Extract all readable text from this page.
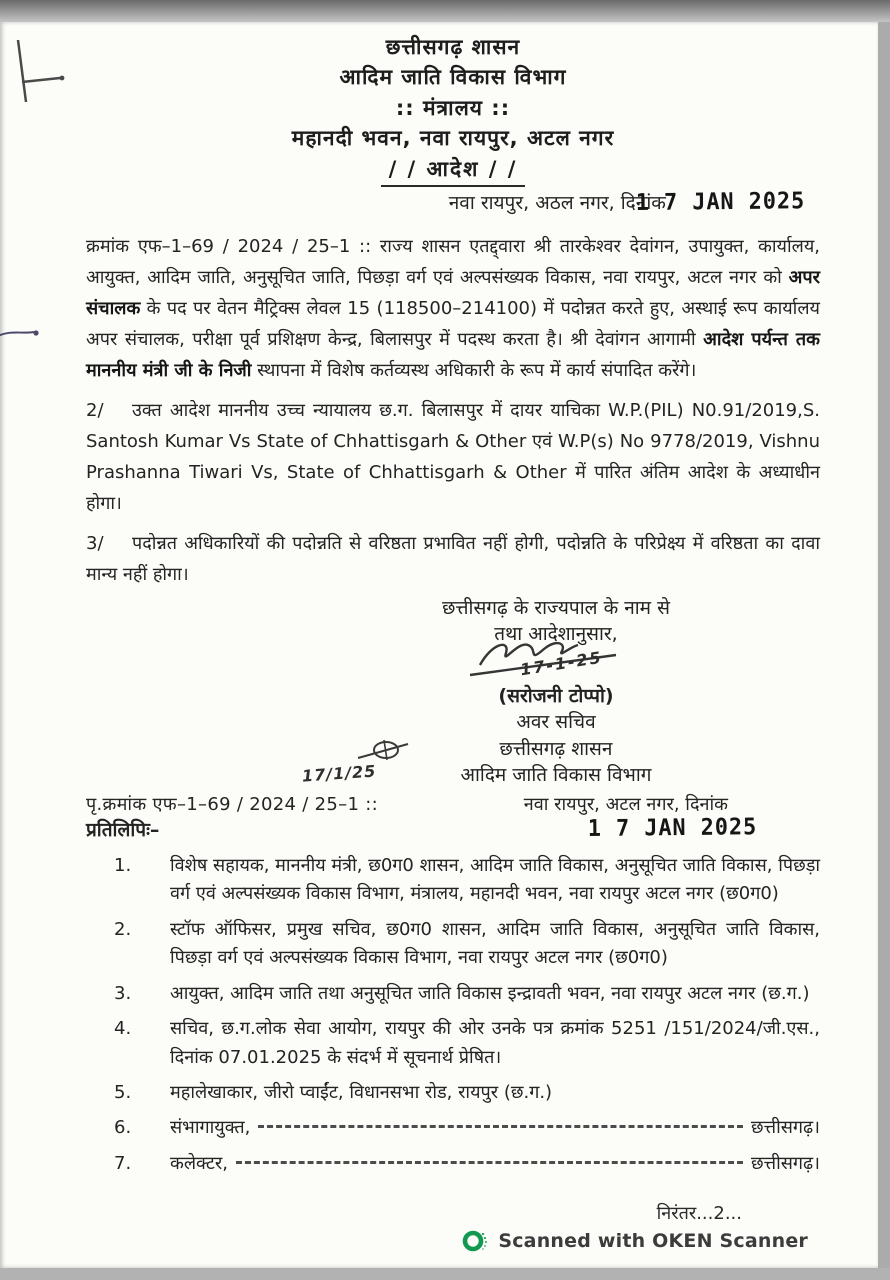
छत्तीसगढ़ शासन
आदिम जाति विकास विभाग
:: मंत्रालय ::
महानदी भवन, नवा रायपुर, अटल नगर
/ / आदेश / /
नवा रायपुर, अठल नगर, दिनांक
1 7 JAN 2025
क्रमांक एफ–1–69 / 2024 / 25–1 :: राज्य शासन एतद्द्वारा श्री तारकेश्वर देवांगन, उपायुक्त, कार्यालय, आयुक्त, आदिम जाति, अनुसूचित जाति, पिछड़ा वर्ग एवं अल्पसंख्यक विकास, नवा रायपुर, अटल नगर को अपर संचालक के पद पर वेतन मैट्रिक्स लेवल 15 (118500–214100) में पदोन्नत करते हुए, अस्थाई रूप कार्यालय अपर संचालक, परीक्षा पूर्व प्रशिक्षण केन्द्र, बिलासपुर में पदस्थ करता है। श्री देवांगन आगामी आदेश पर्यन्त तक माननीय मंत्री जी के निजी स्थापना में विशेष कर्तव्यस्थ अधिकारी के रूप में कार्य संपादित करेंगे।
2/ उक्त आदेश माननीय उच्च न्यायालय छ.ग. बिलासपुर में दायर याचिका W.P.(PIL) N0.91/2019,S. Santosh Kumar Vs State of Chhattisgarh & Other एवं W.P(s) No 9778/2019, Vishnu Prashanna Tiwari Vs, State of Chhattisgarh & Other में पारित अंतिम आदेश के अध्याधीन होगा।
3/ पदोन्नत अधिकारियों की पदोन्नति से वरिष्ठता प्रभावित नहीं होगी, पदोन्नति के परिप्रेक्ष्य में वरिष्ठता का दावा मान्य नहीं होगा।
छत्तीसगढ़ के राज्यपाल के नाम से
तथा आदेशानुसार,
17-1-25
(सरोजनी टोप्पो)
अवर सचिव
छत्तीसगढ़ शासन
17/1/25	आदिम जाति विकास विभाग
पृ.क्रमांक एफ–1–69 / 2024 / 25–1 ::	नवा रायपुर, अटल नगर, दिनांक
प्रतिलिपिः–	1 7 JAN 2025
1.	विशेष सहायक, माननीय मंत्री, छ0ग0 शासन, आदिम जाति विकास, अनुसूचित जाति विकास, पिछड़ा वर्ग एवं अल्पसंख्यक विकास विभाग, मंत्रालय, महानदी भवन, नवा रायपुर अटल नगर (छ0ग0)
2.	स्टॉफ ऑफिसर, प्रमुख सचिव, छ0ग0 शासन, आदिम जाति विकास, अनुसूचित जाति विकास, पिछड़ा वर्ग एवं अल्पसंख्यक विकास विभाग, नवा रायपुर अटल नगर (छ0ग0)
3.	आयुक्त, आदिम जाति तथा अनुसूचित जाति विकास इन्द्रावती भवन, नवा रायपुर अटल नगर (छ.ग.)
4.	सचिव, छ.ग.लोक सेवा आयोग, रायपुर की ओर उनके पत्र क्रमांक 5251 /151/2024/जी.एस., दिनांक 07.01.2025 के संदर्भ में सूचनार्थ प्रेषित।
5.	महालेखाकार, जीरो प्वाईंट, विधानसभा रोड, रायपुर (छ.ग.)
6.	संभागायुक्त,	छत्तीसगढ़।
7.	कलेक्टर,	छत्तीसगढ़।
निरंतर...2...
Scanned with OKEN Scanner
